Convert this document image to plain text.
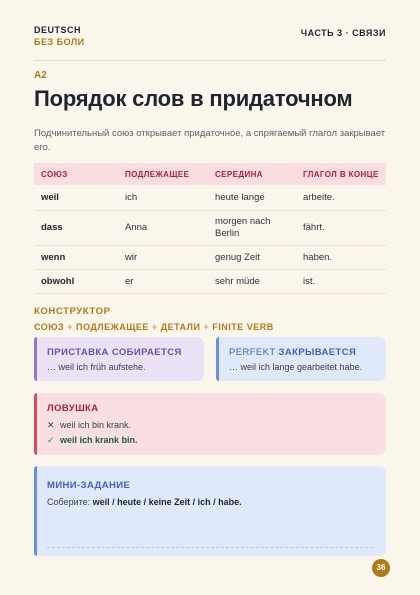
DEUTSCH
БЕЗ БОЛИ
ЧАСТЬ 3 · СВЯЗИ
A2
Порядок слов в придаточном

Подчинительный союз открывает придаточное, а спрягаемый глагол закрывает его.

СОЮЗ	ПОДЛЕЖАЩЕЕ	СЕРЕДИНА	ГЛАГОЛ В КОНЦЕ
weil	ich	heute lange	arbeite.
dass	Anna	morgen nach Berlin	fährt.
wenn	wir	genug Zeit	haben.
obwohl	er	sehr müde	ist.
КОНСТРУКТОР
СОЮЗ + ПОДЛЕЖАЩЕЕ + ДЕТАЛИ + FINITE VERB
ПРИСТАВКА СОБИРАЕТСЯ
… weil ich früh aufstehe.
PERFEKT ЗАКРЫВАЕТСЯ
… weil ich lange gearbeitet habe.
ЛОВУШКА
✕ weil ich bin krank.
✓ weil ich krank bin.
МИНИ-ЗАДАНИЕ
Соберите: weil / heute / keine Zeit / ich / habe.
36
